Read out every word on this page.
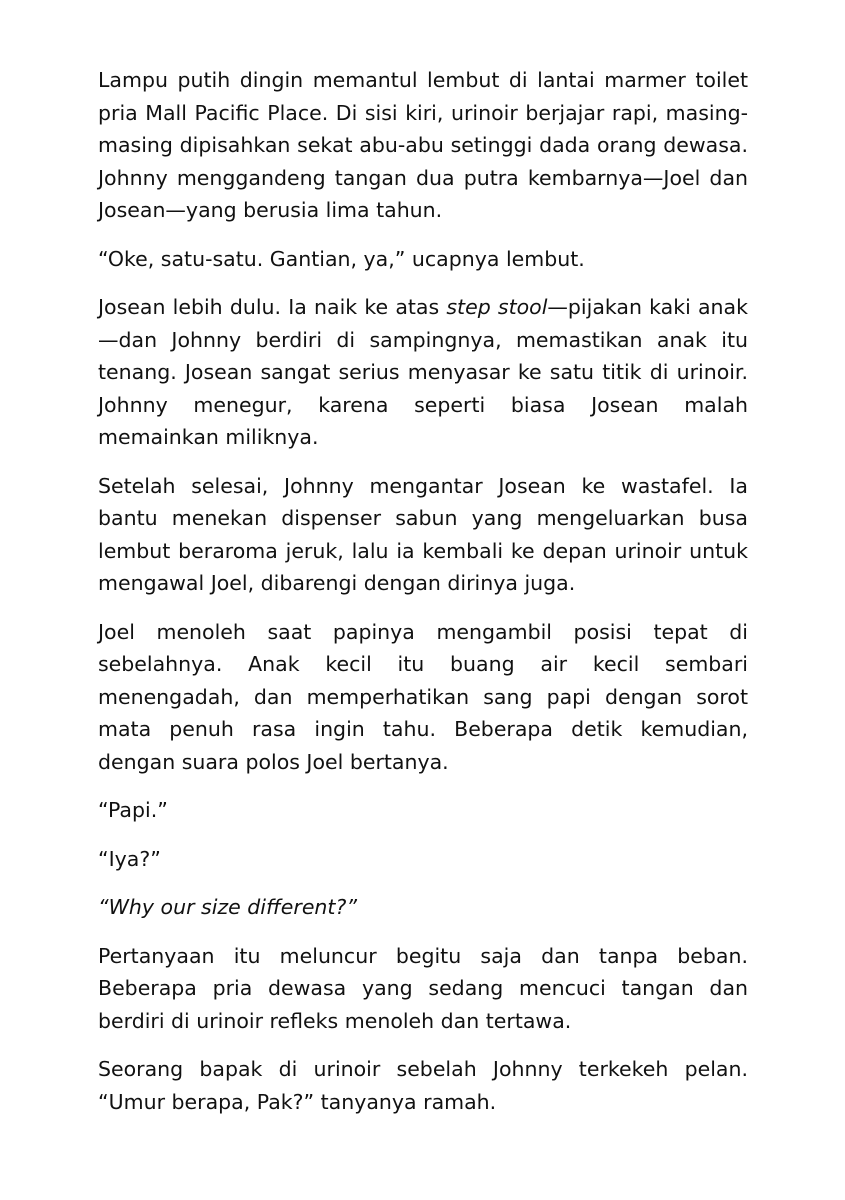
Lampu putih dingin memantul lembut di lantai marmer toilet pria Mall Pacific Place. Di sisi kiri, urinoir berjajar rapi, masing-masing dipisahkan sekat abu-abu setinggi dada orang dewasa. Johnny menggandeng tangan dua putra kembarnya—Joel dan Josean—yang berusia lima tahun.

“Oke, satu-satu. Gantian, ya,” ucapnya lembut.

Josean lebih dulu. Ia naik ke atas step stool—pijakan kaki anak—dan Johnny berdiri di sampingnya, memastikan anak itu tenang. Josean sangat serius menyasar ke satu titik di urinoir. Johnny menegur, karena seperti biasa Josean malah memainkan miliknya.

Setelah selesai, Johnny mengantar Josean ke wastafel. Ia bantu menekan dispenser sabun yang mengeluarkan busa lembut beraroma jeruk, lalu ia kembali ke depan urinoir untuk mengawal Joel, dibarengi dengan dirinya juga.

Joel menoleh saat papinya mengambil posisi tepat di sebelahnya. Anak kecil itu buang air kecil sembari menengadah, dan memperhatikan sang papi dengan sorot mata penuh rasa ingin tahu. Beberapa detik kemudian, dengan suara polos Joel bertanya.

“Papi.”

“Iya?”

“Why our size different?”

Pertanyaan itu meluncur begitu saja dan tanpa beban. Beberapa pria dewasa yang sedang mencuci tangan dan berdiri di urinoir refleks menoleh dan tertawa.

Seorang bapak di urinoir sebelah Johnny terkekeh pelan. “Umur berapa, Pak?” tanyanya ramah.
